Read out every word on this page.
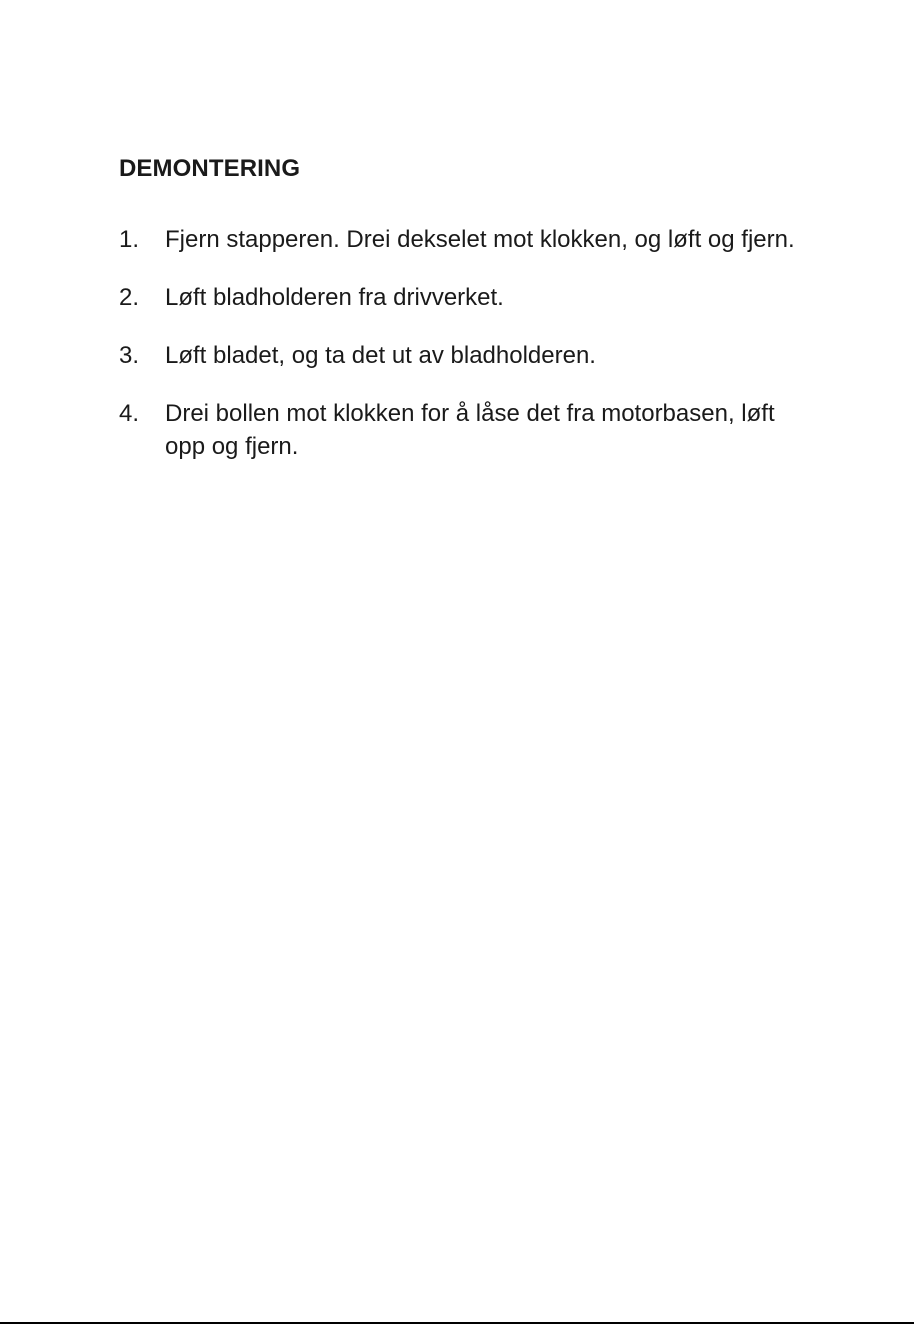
DEMONTERING
1.	Fjern stapperen. Drei dekselet mot klokken, og løft og fjern.
2.	Løft bladholderen fra drivverket.
3.	Løft bladet, og ta det ut av bladholderen.
4.	Drei bollen mot klokken for å låse det fra motorbasen, løft opp og fjern.
